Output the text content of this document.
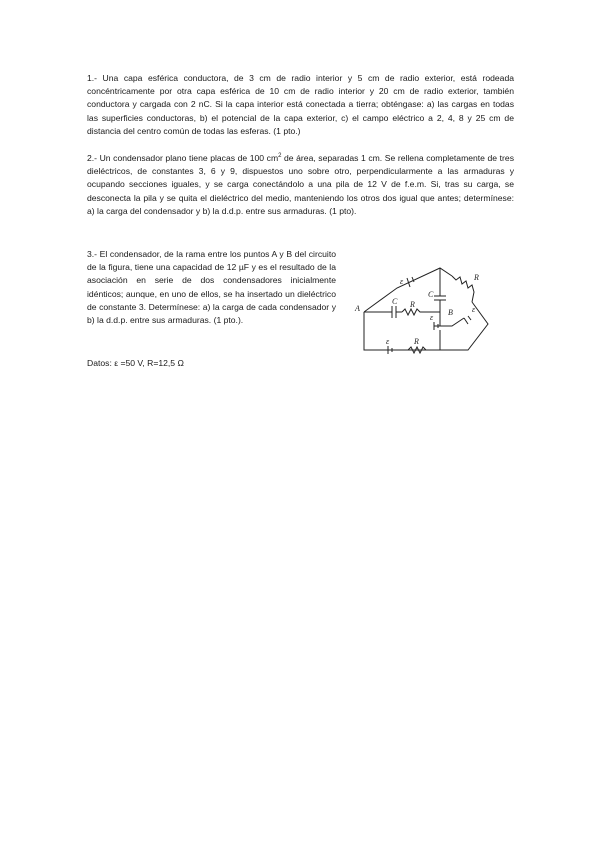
1.- Una capa esférica conductora, de 3 cm de radio interior y 5 cm de radio exterior, está rodeada concéntricamente por otra capa esférica de 10 cm de radio interior y 20 cm de radio exterior, también conductora y cargada con 2 nC. Si la capa interior está conectada a tierra; obténgase: a) las cargas en todas las superficies conductoras, b) el potencial de la capa exterior, c) el campo eléctrico a 2, 4, 8 y 25 cm de distancia del centro común de todas las esferas. (1 pto.)

2.- Un condensador plano tiene placas de 100 $cm^2$ de área, separadas 1 cm. Se rellena completamente de tres dieléctricos, de constantes 3, 6 y 9, dispuestos uno sobre otro, perpendicularmente a las armaduras y ocupando secciones iguales, y se carga conectándolo a una pila de 12 V de f.e.m. Si, tras su carga, se desconecta la pila y se quita el dieléctrico del medio, manteniendo los otros dos igual que antes; determínese: a) la carga del condensador y b) la d.d.p. entre sus armaduras. (1 pto).

3.- El condensador, de la rama entre los puntos A y B del circuito de la figura, tiene una capacidad de 12 µF y es el resultado de la asociación en serie de dos condensadores inicialmente idénticos; aunque, en uno de ellos, se ha insertado un dieléctrico de constante 3. Determínese: a) la carga de cada condensador y b) la d.d.p. entre sus armaduras. (1 pto.).

A	B
C
C
R
R
R
ε
ε
ε
ε

Datos: ε =50 V, R=12,5 Ω
